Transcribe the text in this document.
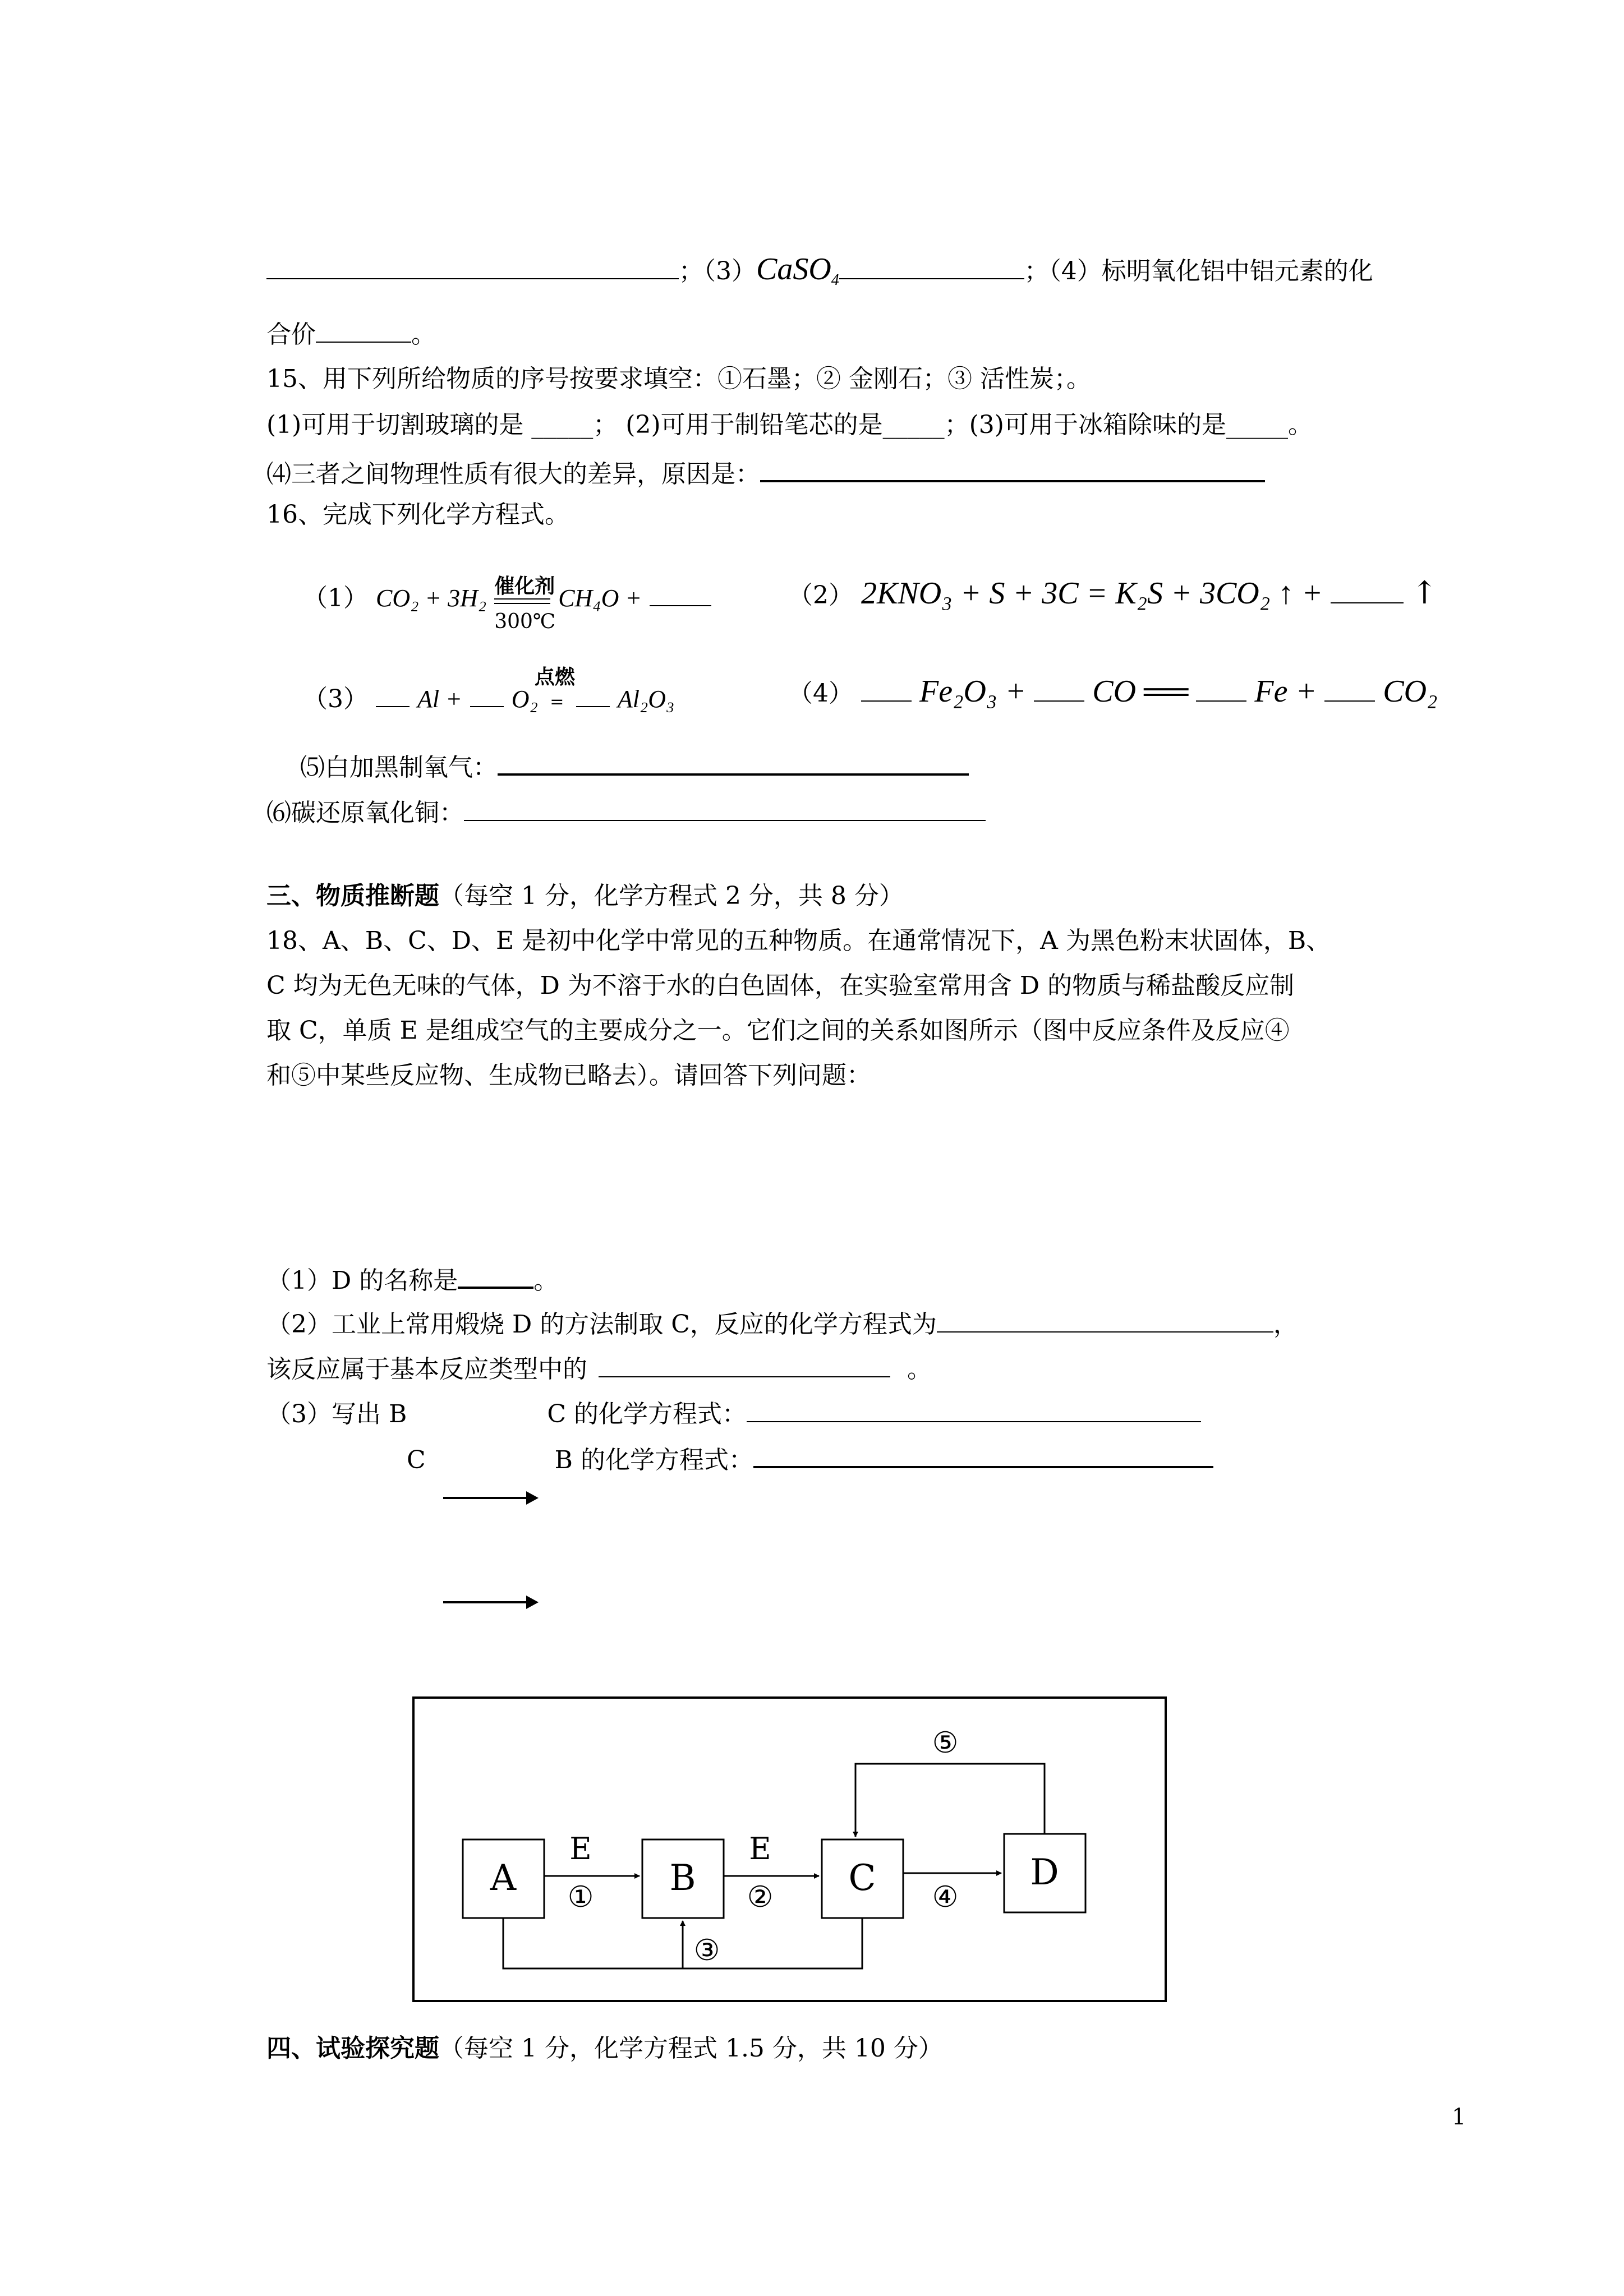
；（3）CaSO$_4$	；（4）标明氧化铝中铝元素的化
合价	。
15、用下列所给物质的序号按要求填空：①石墨；② 金刚石；③ 活性炭；。
(1)可用于切割玻璃的是 _____； (2)可用于制铅笔芯的是_____；(3)可用于冰箱除味的是_____。
⑷三者之间物理性质有很大的差异，原因是：
16、完成下列化学方程式。
（1） CO₂ + 3H₂ 催化剂
300℃
CH₄O +	（2） 2KNO₃ + S + 3C = K₂S + 3CO₂ ↑ +	↑
（3） Al + O₂
点燃
= Al₂O₃	（4） Fe₂O₃ + CO ══ Fe + CO₂
⑸白加黑制氧气：
⑹碳还原氧化铜：
三、物质推断题（每空 1 分，化学方程式 2 分，共 8 分）
18、A、B、C、D、E 是初中化学中常见的五种物质。在通常情况下，A 为黑色粉末状固体，B、
C 均为无色无味的气体，D 为不溶于水的白色固体，在实验室常用含 D 的物质与稀盐酸反应制
取 C，单质 E 是组成空气的主要成分之一。它们之间的关系如图所示（图中反应条件及反应④
和⑤中某些反应物、生成物已略去）。请回答下列问题：
（1）D 的名称是	。
（2）工业上常用煅烧 D 的方法制取 C，反应的化学方程式为	，
该反应属于基本反应类型中的	。
（3）写出 B	C 的化学方程式：
C	B 的化学方程式：
A	B	C	D
E
①
E
②	④
⑤
③
四、试验探究题（每空 1 分，化学方程式 1.5 分，共 10 分）
1
